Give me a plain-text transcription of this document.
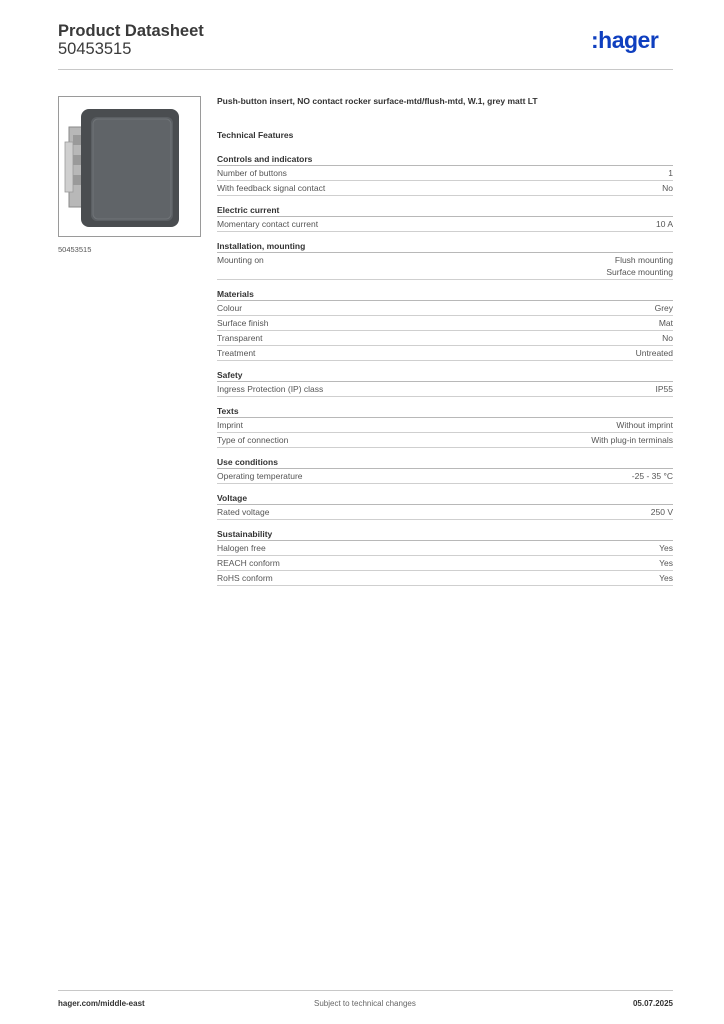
Product Datasheet
50453515	:hager
50453515
Push-button insert, NO contact rocker surface-mtd/flush-mtd, W.1, grey matt LT
Technical Features
Controls and indicators
Number of buttons	1
With feedback signal contact	No
Electric current
Momentary contact current	10 A
Installation, mounting
Mounting on	Flush mounting
Surface mounting
Materials
Colour	Grey
Surface finish	Mat
Transparent	No
Treatment	Untreated
Safety
Ingress Protection (IP) class	IP55
Texts
Imprint	Without imprint
Type of connection	With plug-in terminals
Use conditions
Operating temperature	-25 - 35 °C
Voltage
Rated voltage	250 V
Sustainability
Halogen free	Yes
REACH conform	Yes
RoHS conform	Yes
hager.com/middle-east	Subject to technical changes	05.07.2025
